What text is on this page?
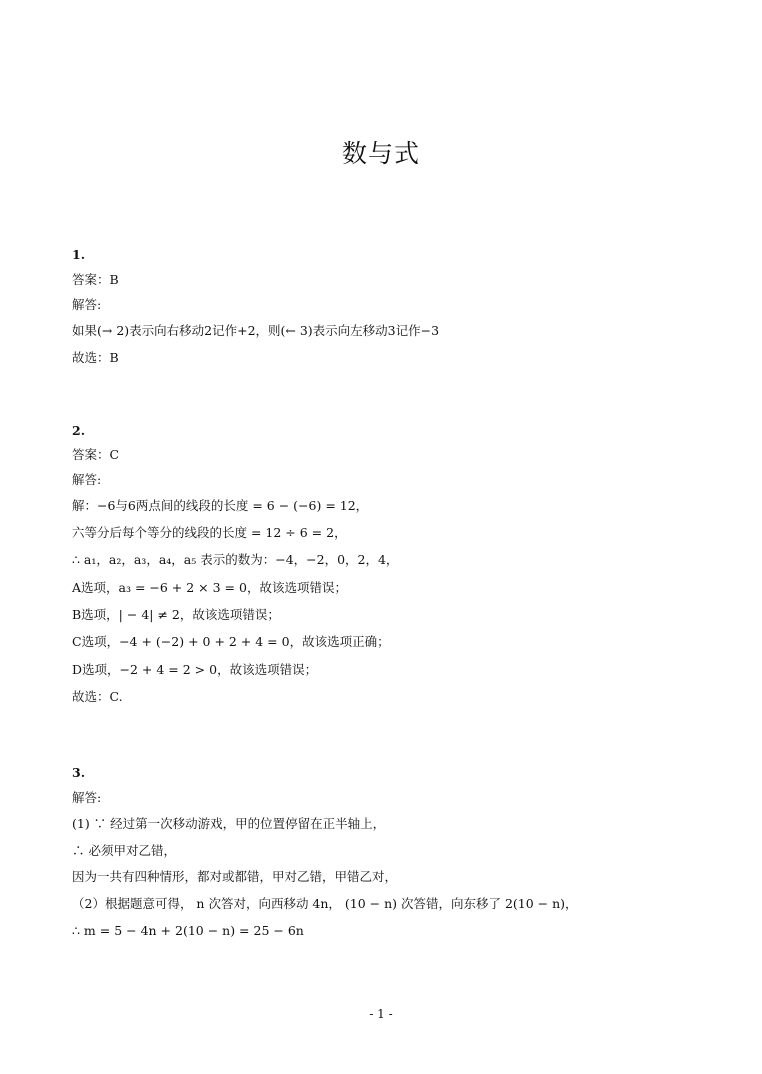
数与式
1.
答案：B
解答:
如果(→ 2)表示向右移动2记作+2，则(← 3)表示向左移动3记作−3
故选：B
2.
答案：C
解答:
解：−6与6两点间的线段的长度 = 6 − (−6) = 12，
六等分后每个等分的线段的长度 = 12 ÷ 6 = 2，
∴ a₁，a₂，a₃，a₄，a₅ 表示的数为：−4，−2，0，2，4，
A选项，a₃ = −6 + 2 × 3 = 0，故该选项错误；
B选项，| − 4| ≠ 2，故该选项错误；
C选项，−4 + (−2) + 0 + 2 + 4 = 0，故该选项正确；
D选项，−2 + 4 = 2 > 0，故该选项错误；
故选：C.
3.
解答:
(1) ∵ 经过第一次移动游戏，甲的位置停留在正半轴上，
∴ 必须甲对乙错，
因为一共有四种情形，都对或都错，甲对乙错，甲错乙对，
（2）根据题意可得， n 次答对，向西移动 4n， (10 − n) 次答错，向东移了 2(10 − n)，
∴ m = 5 − 4n + 2(10 − n) = 25 − 6n
- 1 -
